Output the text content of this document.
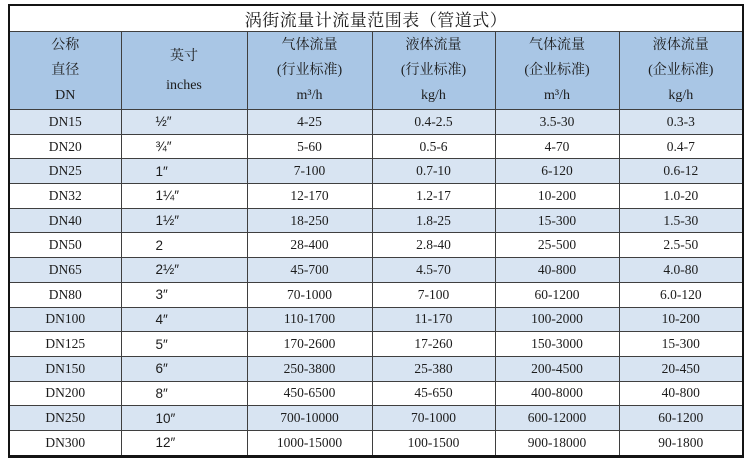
涡街流量计流量范围表（管道式）					

公称
直径
DN

英寸
inches

气体流量
(行业标准)
m³/h

液体流量
(行业标准)
kg/h

气体流量
(企业标准)
m³/h

液体流量
(企业标准)
kg/h

DN15	½″	4-25	0.4-2.5	3.5-30	0.3-3
DN20	¾″	5-60	0.5-6	4-70	0.4-7
DN25	1″	7-100	0.7-10	6-120	0.6-12
DN32	1¼″	12-170	1.2-17	10-200	1.0-20
DN40	1½″	18-250	1.8-25	15-300	1.5-30
DN50	2	28-400	2.8-40	25-500	2.5-50
DN65	2½″	45-700	4.5-70	40-800	4.0-80
DN80	3″	70-1000	7-100	60-1200	6.0-120
DN100	4″	110-1700	11-170	100-2000	10-200
DN125	5″	170-2600	17-260	150-3000	15-300
DN150	6″	250-3800	25-380	200-4500	20-450
DN200	8″	450-6500	45-650	400-8000	40-800
DN250	10″	700-10000	70-1000	600-12000	60-1200
DN300	12″	1000-15000	100-1500	900-18000	90-1800
